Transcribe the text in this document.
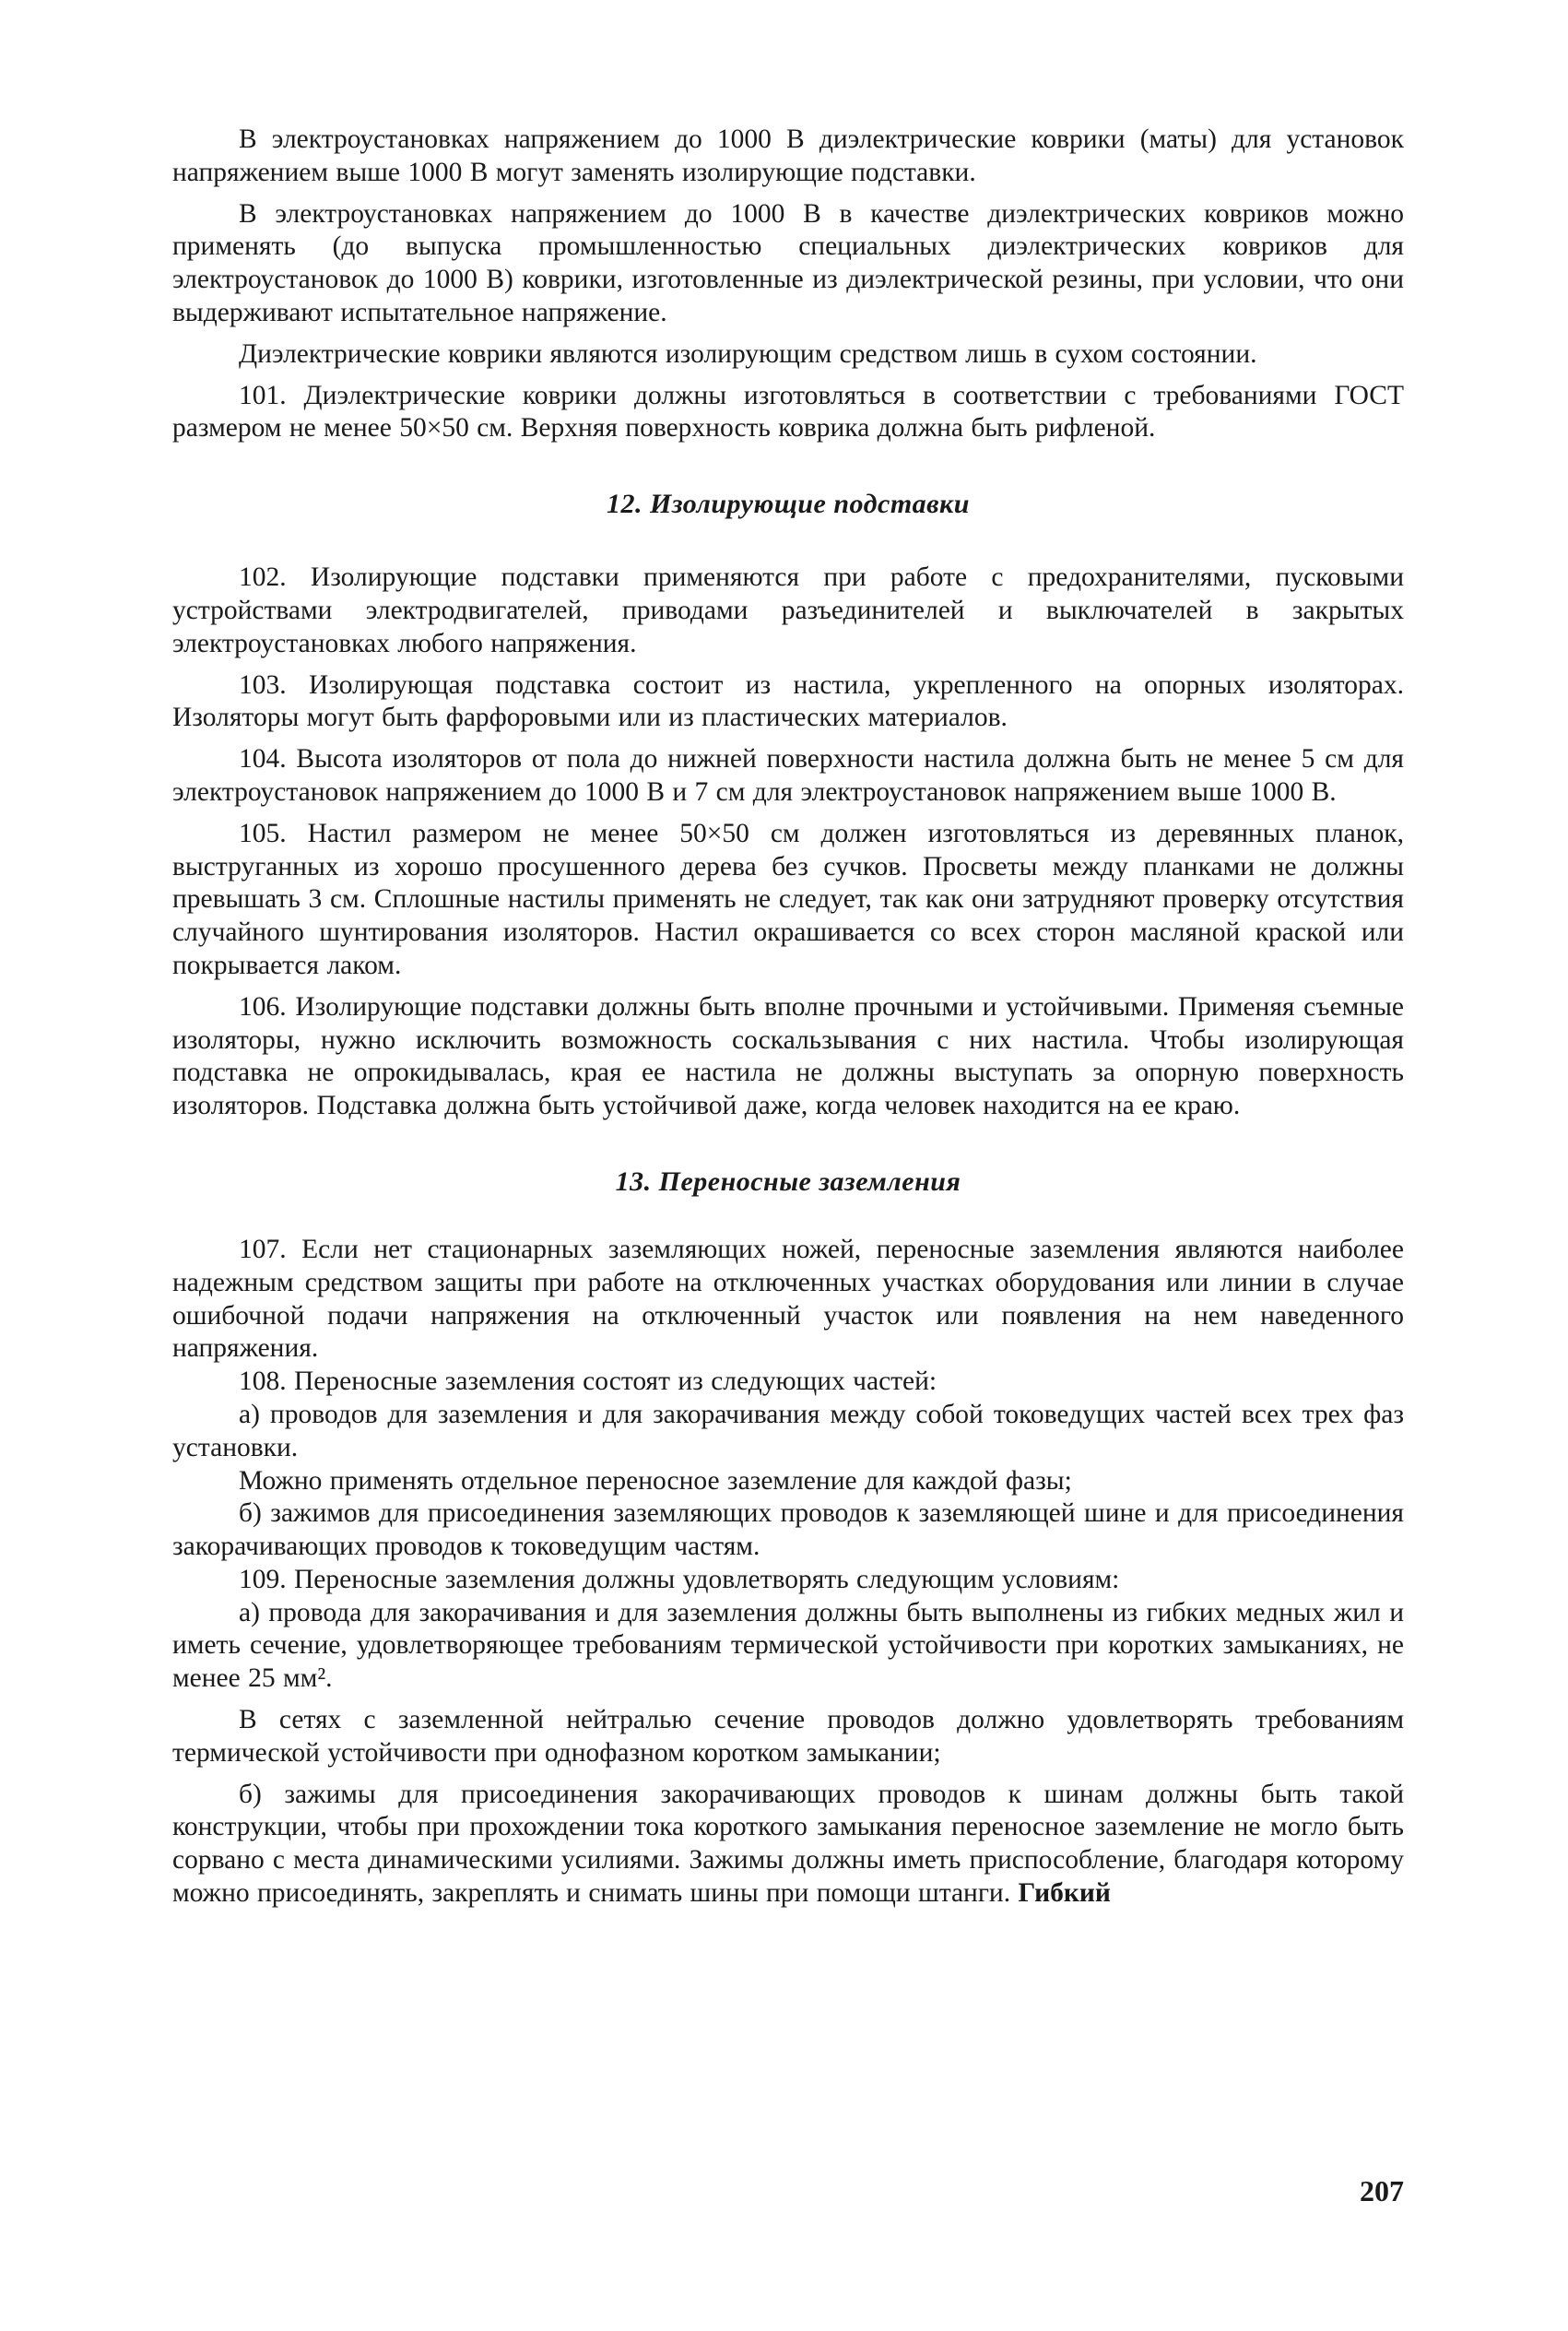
В электроустановках напряжением до 1000 В диэлектрические коврики (маты) для установок напряжением выше 1000 В могут заменять изолирующие подставки.

В электроустановках напряжением до 1000 В в качестве диэлектрических ковриков можно применять (до выпуска промышленностью специальных диэлектрических ковриков для электроустановок до 1000 В) коврики, изготовленные из диэлектрической резины, при условии, что они выдерживают испытательное напряжение.

Диэлектрические коврики являются изолирующим средством лишь в сухом состоянии.

101. Диэлектрические коврики должны изготовляться в соответствии с требованиями ГОСТ размером не менее 50×50 см. Верхняя поверхность коврика должна быть рифленой.

12. Изолирующие подставки

102. Изолирующие подставки применяются при работе с предохранителями, пусковыми устройствами электродвигателей, приводами разъединителей и выключателей в закрытых электроустановках любого напряжения.

103. Изолирующая подставка состоит из настила, укрепленного на опорных изоляторах. Изоляторы могут быть фарфоровыми или из пластических материалов.

104. Высота изоляторов от пола до нижней поверхности настила должна быть не менее 5 см для электроустановок напряжением до 1000 В и 7 см для электроустановок напряжением выше 1000 В.

105. Настил размером не менее 50×50 см должен изготовляться из деревянных планок, выструганных из хорошо просушенного дерева без сучков. Просветы между планками не должны превышать 3 см. Сплошные настилы применять не следует, так как они затрудняют проверку отсутствия случайного шунтирования изоляторов. Настил окрашивается со всех сторон масляной краской или покрывается лаком.

106. Изолирующие подставки должны быть вполне прочными и устойчивыми. Применяя съемные изоляторы, нужно исключить возможность соскальзывания с них настила. Чтобы изолирующая подставка не опрокидывалась, края ее настила не должны выступать за опорную поверхность изоляторов. Подставка должна быть устойчивой даже, когда человек находится на ее краю.

13. Переносные заземления

107. Если нет стационарных заземляющих ножей, переносные заземления являются наиболее надежным средством защиты при работе на отключенных участках оборудования или линии в случае ошибочной подачи напряжения на отключенный участок или появления на нем наведенного напряжения.

108. Переносные заземления состоят из следующих частей:

а) проводов для заземления и для закорачивания между собой токоведущих частей всех трех фаз установки.

Можно применять отдельное переносное заземление для каждой фазы;

б) зажимов для присоединения заземляющих проводов к заземляющей шине и для присоединения закорачивающих проводов к токоведущим частям.

109. Переносные заземления должны удовлетворять следующим условиям:

а) провода для закорачивания и для заземления должны быть выполнены из гибких медных жил и иметь сечение, удовлетворяющее требованиям термической устойчивости при коротких замыканиях, не менее 25 мм².

В сетях с заземленной нейтралью сечение проводов должно удовлетворять требованиям термической устойчивости при однофазном коротком замыкании;

б) зажимы для присоединения закорачивающих проводов к шинам должны быть такой конструкции, чтобы при прохождении тока короткого замыкания переносное заземление не могло быть сорвано с места динамическими усилиями. Зажимы должны иметь приспособление, благодаря которому можно присоединять, закреплять и снимать шины при помощи штанги. Гибкий

207
